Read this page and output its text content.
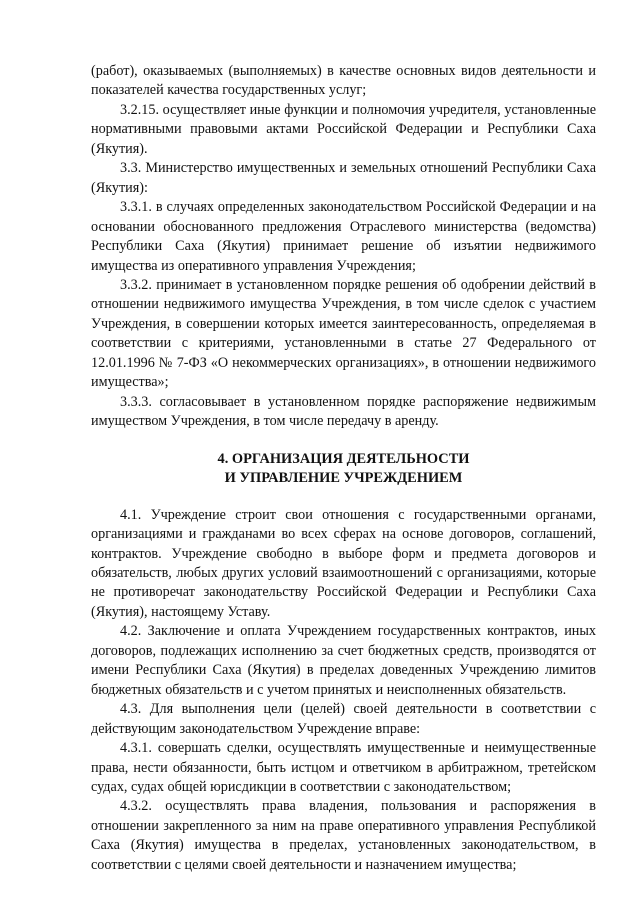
(работ), оказываемых (выполняемых) в качестве основных видов деятельности и показателей качества государственных услуг;

3.2.15. осуществляет иные функции и полномочия учредителя, установленные нормативными правовыми актами Российской Федерации и Республики Саха (Якутия).

3.3. Министерство имущественных и земельных отношений Республики Саха (Якутия):

3.3.1. в случаях определенных законодательством Российской Федерации и на основании обоснованного предложения Отраслевого министерства (ведомства) Республики Саха (Якутия) принимает решение об изъятии недвижимого имущества из оперативного управления Учреждения;

3.3.2. принимает в установленном порядке решения об одобрении действий в отношении недвижимого имущества Учреждения, в том числе сделок с участием Учреждения, в совершении которых имеется заинтересованность, определяемая в соответствии с критериями, установленными в статье 27 Федерального от 12.01.1996 № 7-ФЗ «О некоммерческих организациях», в отношении недвижимого имущества»;

3.3.3. согласовывает в установленном порядке распоряжение недвижимым имуществом Учреждения, в том числе передачу в аренду.

4. ОРГАНИЗАЦИЯ ДЕЯТЕЛЬНОСТИ
И УПРАВЛЕНИЕ УЧРЕЖДЕНИЕМ

4.1. Учреждение строит свои отношения с государственными органами, организациями и гражданами во всех сферах на основе договоров, соглашений, контрактов. Учреждение свободно в выборе форм и предмета договоров и обязательств, любых других условий взаимоотношений с организациями, которые не противоречат законодательству Российской Федерации и Республики Саха (Якутия), настоящему Уставу.

4.2. Заключение и оплата Учреждением государственных контрактов, иных договоров, подлежащих исполнению за счет бюджетных средств, производятся от имени Республики Саха (Якутия) в пределах доведенных Учреждению лимитов бюджетных обязательств и с учетом принятых и неисполненных обязательств.

4.3. Для выполнения цели (целей) своей деятельности в соответствии с действующим законодательством Учреждение вправе:

4.3.1. совершать сделки, осуществлять имущественные и неимущественные права, нести обязанности, быть истцом и ответчиком в арбитражном, третейском судах, судах общей юрисдикции в соответствии с законодательством;

4.3.2. осуществлять права владения, пользования и распоряжения в отношении закрепленного за ним на праве оперативного управления Республикой Саха (Якутия) имущества в пределах, установленных законодательством, в соответствии с целями своей деятельности и назначением имущества;
